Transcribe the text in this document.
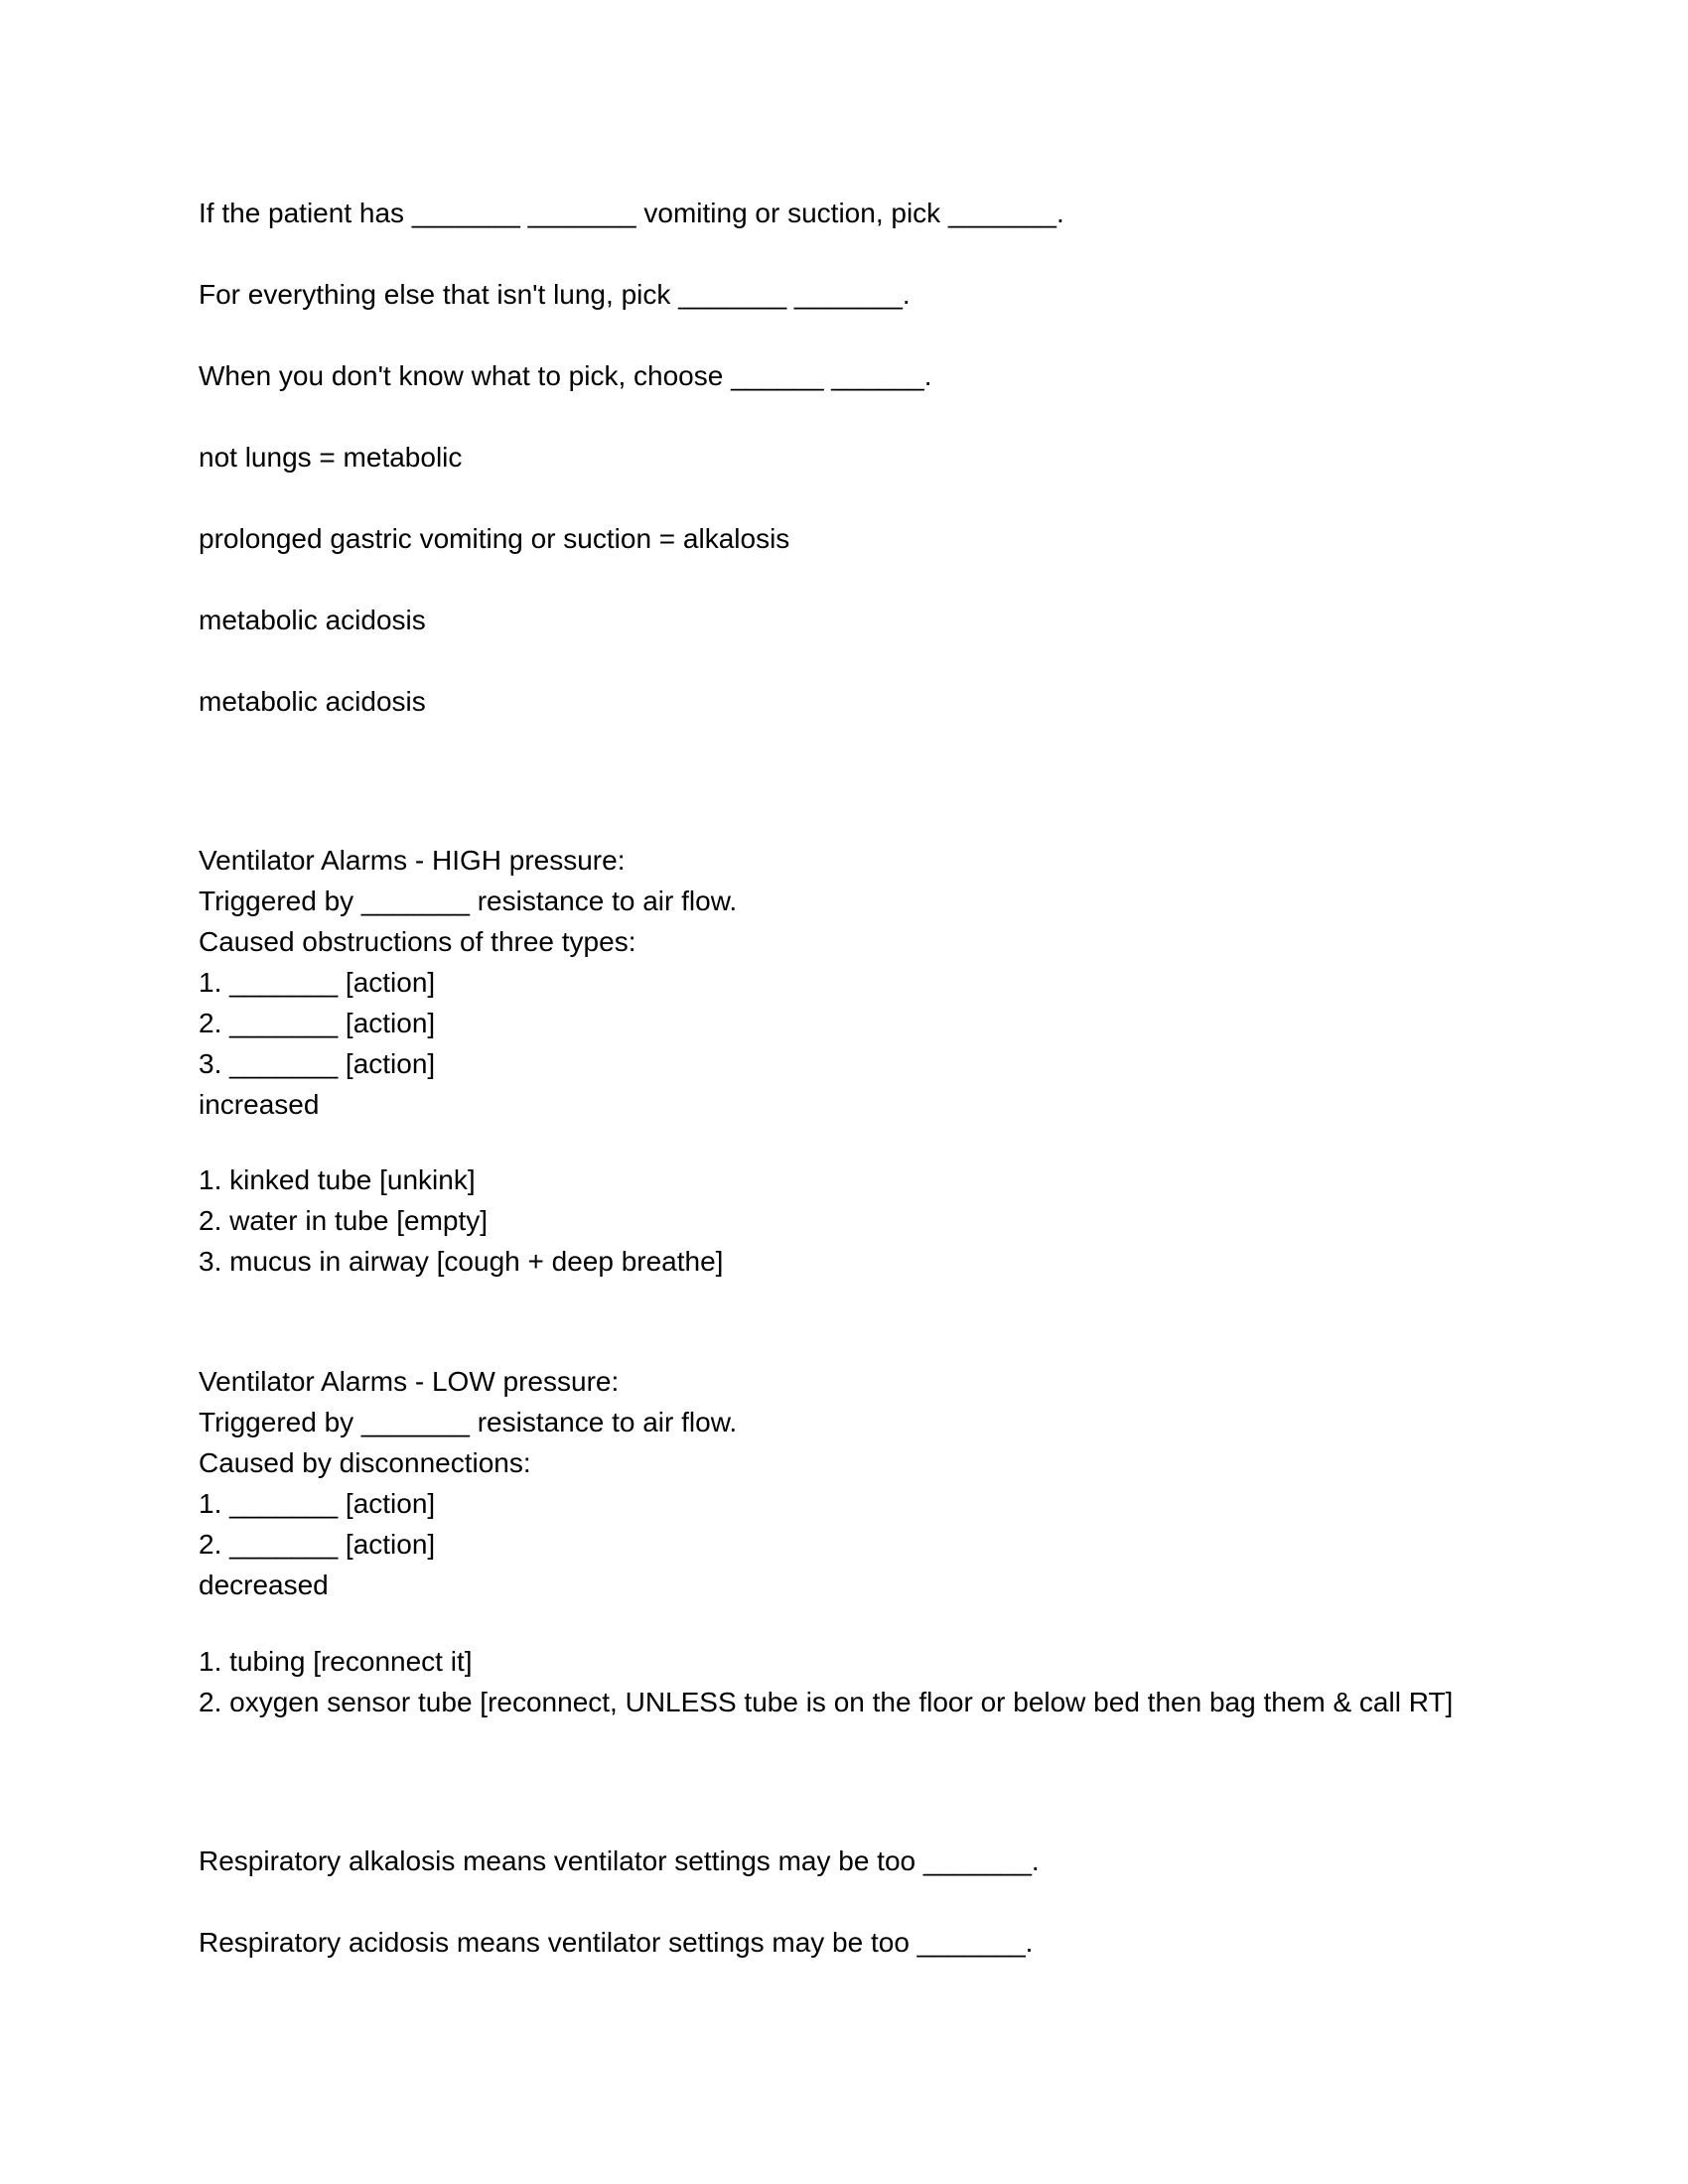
If the patient has _______ _______ vomiting or suction, pick _______.
For everything else that isn't lung, pick _______ _______.
When you don't know what to pick, choose ______ ______.
not lungs = metabolic
prolonged gastric vomiting or suction = alkalosis
metabolic acidosis
metabolic acidosis
Ventilator Alarms - HIGH pressure:
Triggered by _______ resistance to air flow.
Caused obstructions of three types:
1. _______ [action]
2. _______ [action]
3. _______ [action]
increased
1. kinked tube [unkink]
2. water in tube [empty]
3. mucus in airway [cough + deep breathe]
Ventilator Alarms - LOW pressure:
Triggered by _______ resistance to air flow.
Caused by disconnections:
1. _______ [action]
2. _______ [action]
decreased
1. tubing [reconnect it]
2. oxygen sensor tube [reconnect, UNLESS tube is on the floor or below bed then bag them & call RT]
Respiratory alkalosis means ventilator settings may be too _______.
Respiratory acidosis means ventilator settings may be too _______.
